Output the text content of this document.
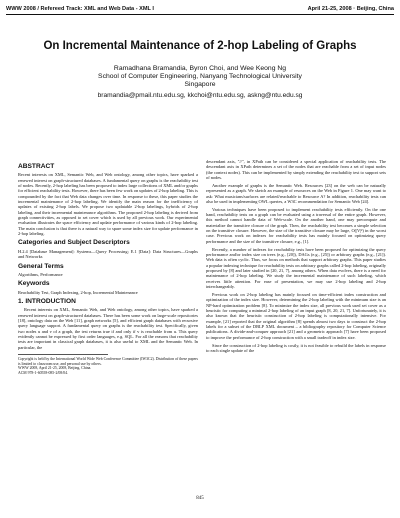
WWW 2008 / Refereed Track: XML and Web Data - XML I	April 21-25, 2008 · Beijing, China
On Incremental Maintenance of 2-hop Labeling of Graphs
Ramadhana Bramandia, Byron Choi, and Wee Keong Ng
School of Computer Engineering, Nanyang Technological University
Singapore
bramandia@pmail.ntu.edu.sg, kkchoi@ntu.edu.sg, askng@ntu.edu.sg
ABSTRACT

Recent interests on XML, Semantic Web, and Web ontology, among other topics, have sparked a renewed interest on graph-structured databases. A fundamental query on graphs is the reachability test of nodes. Recently, 2-hop labeling has been proposed to index large collections of XML and/or graphs for efficient reachability tests. However, there has been few work on updates of 2-hop labeling. This is compounded by the fact that Web data changes over time. In response to these, this paper studies the incremental maintenance of 2-hop labeling. We identify the main reason for the inefficiency of updates of existing 2-hop labels. We propose two updatable 2-hop labelings, hybrids of 2-hop labeling, and their incremental maintenance algorithms. The proposed 2-hop labeling is derived from graph connectivities, as opposed to set cover which is used by all previous work. Our experimental evaluation illustrates the space efficiency and update performance of various kinds of 2-hop labeling. The main conclusion is that there is a natural way to spare some index size for update performance in 2-hop labeling.

Categories and Subject Descriptors

H.2.4 [Database Management]: Systems—Query Processing; E.1 [Data]: Data Structures—Graphs and Networks

General Terms

Algorithms, Performance

Keywords

Reachability Test, Graph Indexing, 2-hop, Incremental Maintenance

1. INTRODUCTION

Recent interests on XML, Semantic Web, and Web ontology, among other topics, have sparked a renewed interest on graph-structured databases. There has been some work on large-scale repositories [18], ontology data on the Web [11], graph networks [5], and efficient graph databases with recursive query language support. A fundamental query on graphs is the reachability test. Specifically, given two nodes u and v of a graph, the test returns true if and only if v is reachable from u. This query evidently cannot be expressed by first order languages, e.g. SQL. For all the reasons that reachability tests are important in classical graph databases, it is also useful to XML and the Semantic Web. In particular, the

Copyright is held by the International World Wide Web Conference Committee (IW3C2). Distribution of these papers is limited to classroom use, and personal use by others.
WWW 2008, April 21-25, 2008, Beijing, China.
ACM 978-1-60558-085-2/08/04.

descendant axis, "//", in XPath can be considered a special application of reachability tests. The descendant axis in XPath determines a set of the nodes that are reachable from a set of input nodes (the context nodes). This can be implemented by simply extending the reachability test to support sets of nodes.

Another example of graphs is the Semantic Web. Resources [23] on the web can be naturally represented as a graph. We sketch an example of resources on the Web in Figure 1. One may want to ask: What musicians/surfaces are related/reachable to Resource A? In addition, reachability tests can also be used in implementing OWL queries, a W3C recommendation for Semantic Web [24].

Various techniques have been proposed to implement reachability tests efficiently. On the one hand, reachability tests on a graph can be evaluated using a traversal of the entire graph. However, this method cannot handle data of Web-scale. On the another hand, one may precompute and materialize the transitive closure of the graph. Then, the reachability test becomes a simple selection on the transitive closure. However, the size of the transitive closure may be large, O(|V|²) in the worst case. Previous work on indexes for reachability tests has mainly focused on optimizing query performance and the size of the transitive closure, e.g., [1].

Recently, a number of indexes for reachability tests have been proposed for optimizing the query performance and/or index size on trees (e.g., [20]), DAGs (e.g., [25]) or arbitrary graphs (e.g., [21]). Web data is often cyclic. Thus, we focus on methods that support arbitrary graphs. This paper studies a popular indexing technique for reachability tests on arbitrary graphs called 2-hop labeling, originally proposed by [8] and later studied in [20, 21, 7], among others. When data evolves, there is a need for maintenance of 2-hop labeling. We study the incremental maintenance of such labeling, which receives little attention. For ease of presentation, we may use 2-hop labeling and 2-hop interchangeably.

Previous work on 2-hop labeling has mainly focused on time-efficient index construction and optimization of the index size. However, determining the 2-hop labeling with the minimum size is an NP-hard optimization problem [8]. To minimize the index size, all previous work used set cover as a heuristic for computing a minimal 2-hop labeling of an input graph [8, 20, 21, 7]. Unfortunately, it is also known that the heuristic construction of 2-hop labeling is computationally intensive. For example, [21] reported that the original algorithm [8] spends almost two days to construct the 2-hop labels for a subset of the DBLP XML document – a bibliography repository for Computer Science publications. A divide-and-conquer approach [21] and a geometric approach [7] have been proposed to improve the performance of 2-hop construction with a small tradeoff in index size.

Since the construction of 2-hop labeling is costly, it is not feasible to rebuild the labels in response to each single update of the

845
